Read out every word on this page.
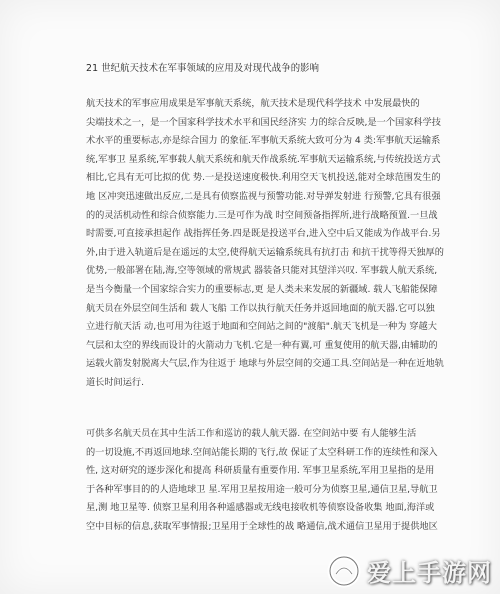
21 世纪航天技术在军事领域的应用及对现代战争的影响
航天技术的军事应用成果是军事航天系统，航天技术是现代科学技术 中发展最快的
尖端技术之一，是一个国家科学技术水平和国民经济实 力的综合反映,是一个国家科学技
术水平的重要标志,亦是综合国力 的象征.军事航天系统大致可分为 4 类:军事航天运输系
统,军事卫 星系统,军事载人航天系统和航天作战系统.军事航天运输系统,与传统投送方式
相比,它具有无可比拟的优 势.一是投送速度极快.利用空天飞机投送,能对全球范围发生的
地 区冲突迅速做出反应,二是具有侦察监视与预警功能.对导弹发射进 行预警,它具有很强
的的灵活机动性和综合侦察能力.三是可作为战 时空间预备指挥所,进行战略预置.一旦战
时需要,可直接承担起作 战指挥任务.四是既是投送平台,进入空中后又能成为作战平台.另
外,由于进入轨道后是在遥远的太空,使得航天运输系统具有抗打击 和抗干扰等得天独厚的
优势,一般部署在陆,海,空等领域的常规武 器装备只能对其望洋兴叹. 军事载人航天系统,
是当今衡量一个国家综合实力的重要标志,更 是人类未来发展的新疆域. 载人飞船能保障
航天员在外层空间生活和 载人飞船 工作以执行航天任务并返回地面的航天器.它可以独
立进行航天活 动,也可用为往返于地面和空间站之间的"渡船".航天飞机是一种为 穿越大
气层和太空的界线而设计的火箭动力飞机.它是一种有翼,可 重复使用的航天器,由辅助的
运载火箭发射脱离大气层,作为往返于 地球与外层空间的交通工具.空间站是一种在近地轨
道长时间运行.
可供多名航天员在其中生活工作和巡访的载人航天器. 在空间站中要 有人能够生活
的一切设施,不再返回地球.空间站能长期的飞行,故 保证了太空科研工作的连续性和深入
性, 这对研究的逐步深化和提高 科研质量有重要作用. 军事卫星系统,军用卫星指的是用
于各种军事目的的人造地球卫 星.军用卫星按用途一般可分为侦察卫星,通信卫星,导航卫
星,测 地卫星等. 侦察卫星利用各种遥感器或无线电接收机等侦察设备收集 地面,海洋或
空中目标的信息,获取军事情报;卫星用于全球性的战 略通信,战术通信卫星用于提供地区
爱上手游网
